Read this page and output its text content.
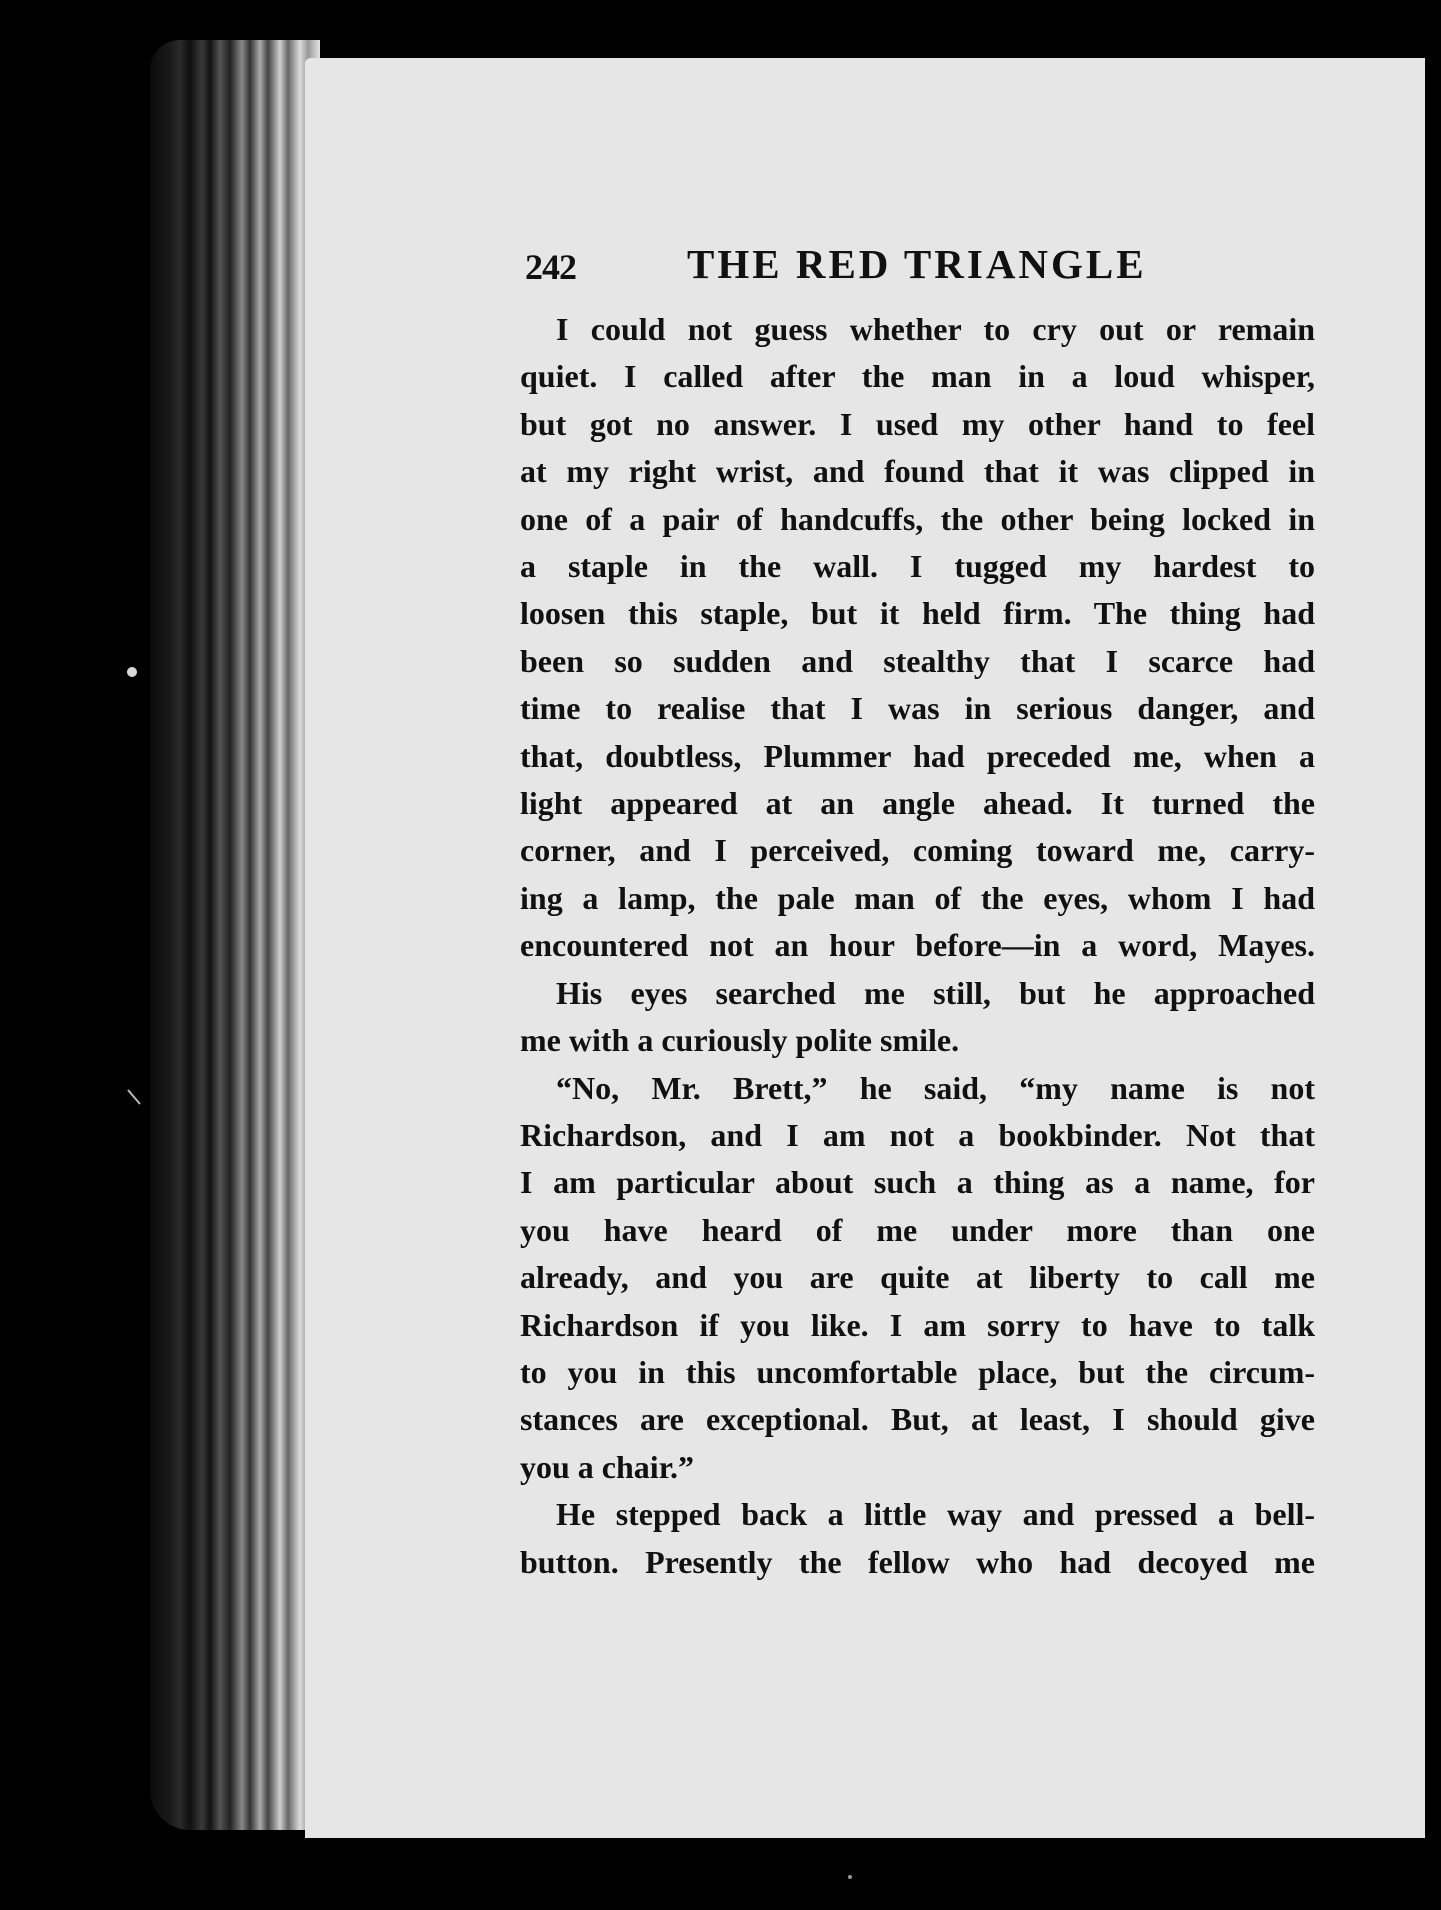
242	THE RED TRIANGLE
I could not guess whether to cry out or remain
quiet. I called after the man in a loud whisper,
but got no answer. I used my other hand to feel
at my right wrist, and found that it was clipped in
one of a pair of handcuffs, the other being locked in
a staple in the wall. I tugged my hardest to
loosen this staple, but it held firm. The thing had
been so sudden and stealthy that I scarce had
time to realise that I was in serious danger, and
that, doubtless, Plummer had preceded me, when a
light appeared at an angle ahead. It turned the
corner, and I perceived, coming toward me, carry-
ing a lamp, the pale man of the eyes, whom I had
encountered not an hour before—in a word, Mayes.
His eyes searched me still, but he approached
me with a curiously polite smile.
“No, Mr. Brett,” he said, “my name is not
Richardson, and I am not a bookbinder. Not that
I am particular about such a thing as a name, for
you have heard of me under more than one
already, and you are quite at liberty to call me
Richardson if you like. I am sorry to have to talk
to you in this uncomfortable place, but the circum-
stances are exceptional. But, at least, I should give
you a chair.”
He stepped back a little way and pressed a bell-
button. Presently the fellow who had decoyed me
